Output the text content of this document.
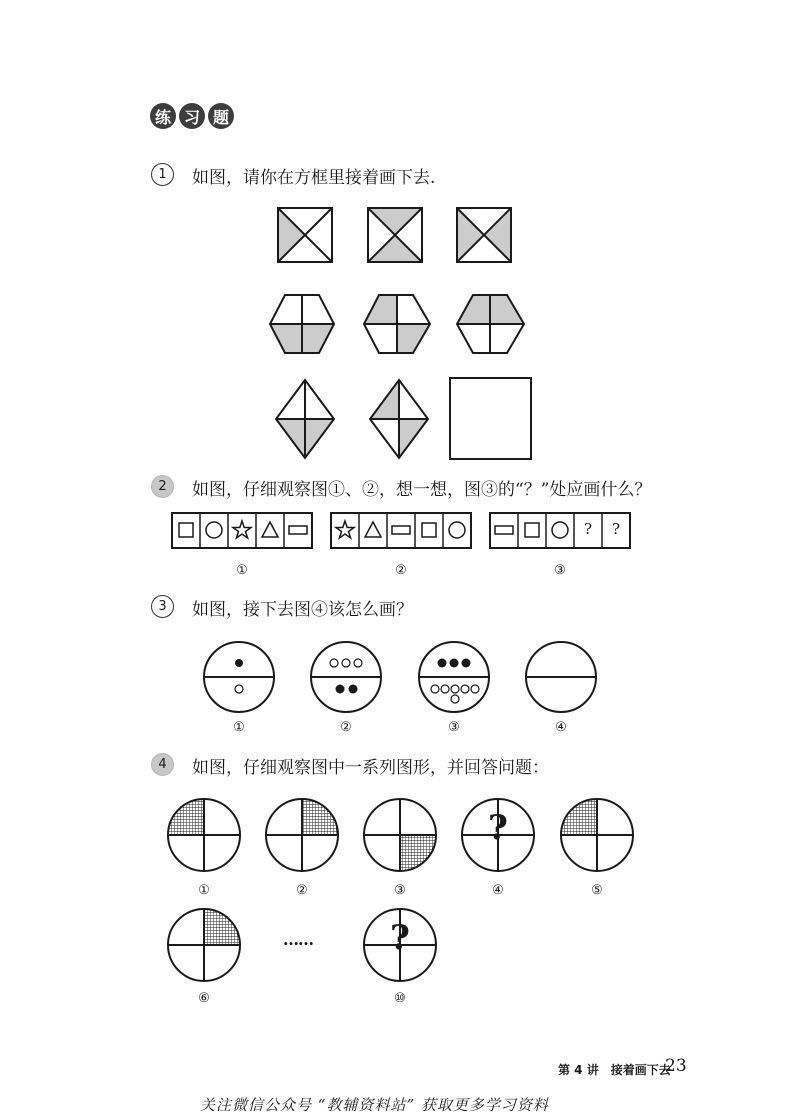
练 习 题
1	如图，请你在方框里接着画下去.
2	如图，仔细观察图①、②，想一想，图③的“？”处应画什么？
?	?
①	②	③
3	如图，接下去图④该怎么画？
①	②	③	④
4	如图，仔细观察图中一系列图形，并回答问题：
?
?
……
①	②	③	④	⑤
⑥	⑩
第 4 讲　接着画下去
23
关注微信公众号 “教辅资料站” 获取更多学习资料
